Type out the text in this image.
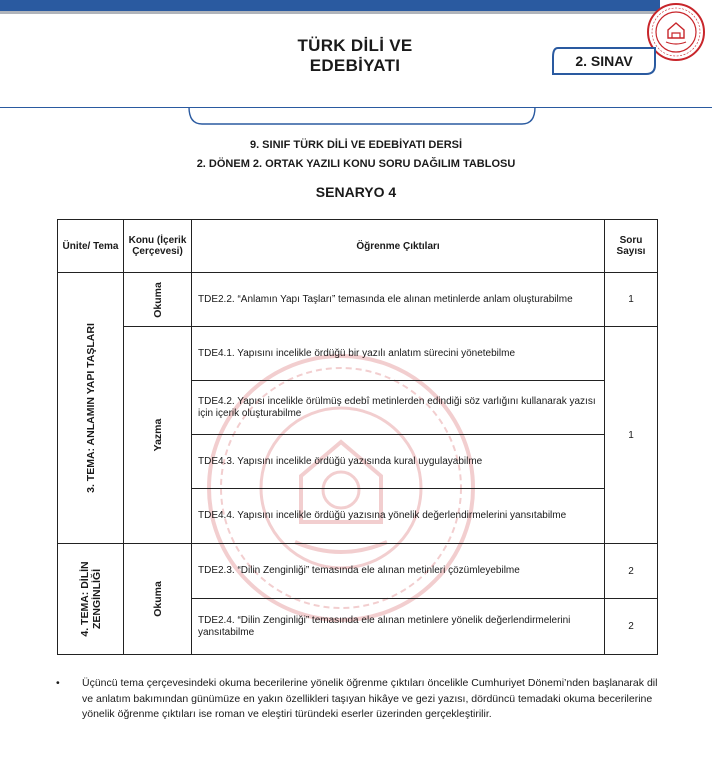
TÜRK DİLİ VE
EDEBİYATI	2. SINAV
9. SINIF TÜRK DİLİ VE EDEBİYATI DERSİ
2. DÖNEM 2. ORTAK YAZILI KONU SORU DAĞILIM TABLOSU
SENARYO 4
Ünite/ Tema	Konu (İçerik Çerçevesi)	Öğrenme Çıktıları	Soru Sayısı

3. TEMA: ANLAMIN YAPI TAŞLARI	Okuma	TDE2.2. “Anlamın Yapı Taşları” temasında ele alınan metinlerde anlam oluşturabilme	1

	Yazma	TDE4.1. Yapısını incelikle ördüğü bir yazılı anlatım sürecini yönetebilme	1
		TDE4.2. Yapısı incelikle örülmüş edebî metinlerden edindiği söz varlığını kullanarak yazısı için içerik oluşturabilme	
		TDE4.3. Yapısını incelikle ördüğü yazısında kural uygulayabilme	
		TDE4.4. Yapısını incelikle ördüğü yazısına yönelik değerlendirmelerini yansıtabilme	

4. TEMA: DİLİN ZENGİNLİĞİ	Okuma	TDE2.3. “Dilin Zenginliği” temasında ele alınan metinleri çözümleyebilme	2
		TDE2.4. “Dilin Zenginliği” temasında ele alınan metinlere yönelik değerlendirmelerini yansıtabilme	2
• Üçüncü tema çerçevesindeki okuma becerilerine yönelik öğrenme çıktıları öncelikle Cumhuriyet Dönemi’nden başlanarak dil ve anlatım bakımından günümüze en yakın özellikleri taşıyan hikâye ve gezi yazısı, dördüncü temadaki okuma becerilerine yönelik öğrenme çıktıları ise roman ve eleştiri türündeki eserler üzerinden gerçekleştirilir.
